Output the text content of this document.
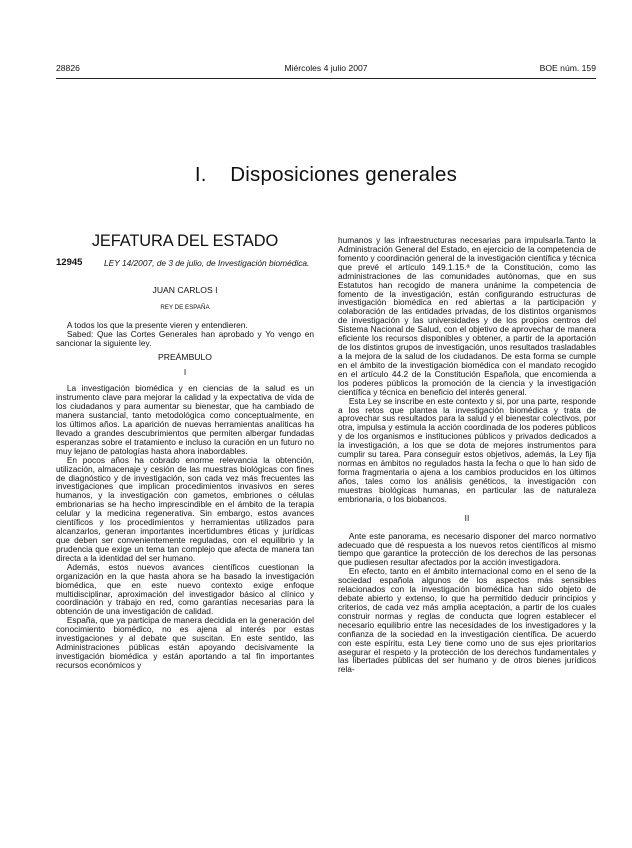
28826	Miércoles 4 julio 2007	BOE núm. 159
I.    Disposiciones generales
JEFATURA DEL ESTADO
12945	LEY 14/2007, de 3 de julio, de Investigación biomédica.
JUAN CARLOS I
REY DE ESPAÑA

A todos los que la presente vieren y entendieren.

Sabed: Que las Cortes Generales han aprobado y Yo vengo en sancionar la siguiente ley.

PREÁMBULO
I

La investigación biomédica y en ciencias de la salud es un instrumento clave para mejorar la calidad y la expectativa de vida de los ciudadanos y para aumentar su bienestar, que ha cambiado de manera sustancial, tanto metodológica como conceptualmente, en los últimos años. La aparición de nuevas herramientas analíticas ha llevado a grandes descubrimientos que permiten albergar fundadas esperanzas sobre el tratamiento e incluso la curación en un futuro no muy lejano de patologías hasta ahora inabordables.

En pocos años ha cobrado enorme relevancia la obtención, utilización, almacenaje y cesión de las muestras biológicas con fines de diagnóstico y de investigación, son cada vez más frecuentes las investigaciones que implican procedimientos invasivos en seres humanos, y la investigación con gametos, embriones o células embrionarias se ha hecho imprescindible en el ámbito de la terapia celular y la medicina regenerativa. Sin embargo, estos avances científicos y los procedimientos y herramientas utilizados para alcanzarlos, generan importantes incertidumbres éticas y jurídicas que deben ser convenientemente reguladas, con el equilibrio y la prudencia que exige un tema tan complejo que afecta de manera tan directa a la identidad del ser humano.

Además, estos nuevos avances científicos cuestionan la organización en la que hasta ahora se ha basado la investigación biomédica, que en este nuevo contexto exige enfoque multidisciplinar, aproximación del investigador básico al clínico y coordinación y trabajo en red, como garantías necesarias para la obtención de una investigación de calidad.

España, que ya participa de manera decidida en la generación del conocimiento biomédico, no es ajena al interés por estas investigaciones y al debate que suscitan. En este sentido, las Administraciones públicas están apoyando decisivamente la investigación biomédica y están aportando a tal fin importantes recursos económicos y

humanos y las infraestructuras necesarias para impulsarla.Tanto la Administración General del Estado, en ejercicio de la competencia de fomento y coordinación general de la investigación científica y técnica que prevé el artículo 149.1.15.ª de la Constitución, como las administraciones de las comunidades autónomas, que en sus Estatutos han recogido de manera unánime la competencia de fomento de la investigación, están configurando estructuras de investigación biomédica en red abiertas a la participación y colaboración de las entidades privadas, de los distintos organismos de investigación y las universidades y de los propios centros del Sistema Nacional de Salud, con el objetivo de aprovechar de manera eficiente los recursos disponibles y obtener, a partir de la aportación de los distintos grupos de investigación, unos resultados trasladables a la mejora de la salud de los ciudadanos. De esta forma se cumple en el ámbito de la investigación biomédica con el mandato recogido en el artículo 44.2 de la Constitución Española, que encomienda a los poderes públicos la promoción de la ciencia y la investigación científica y técnica en beneficio del interés general.

Esta Ley se inscribe en este contexto y si, por una parte, responde a los retos que plantea la investigación biomédica y trata de aprovechar sus resultados para la salud y el bienestar colectivos, por otra, impulsa y estimula la acción coordinada de los poderes públicos y de los organismos e instituciones públicos y privados dedicados a la investigación, a los que se dota de mejores instrumentos para cumplir su tarea. Para conseguir estos objetivos, además, la Ley fija normas en ámbitos no regulados hasta la fecha o que lo han sido de forma fragmentaria o ajena a los cambios producidos en los últimos años, tales como los análisis genéticos, la investigación con muestras biológicas humanas, en particular las de naturaleza embrionaria, o los biobancos.

II

Ante este panorama, es necesario disponer del marco normativo adecuado que dé respuesta a los nuevos retos científicos al mismo tiempo que garantice la protección de los derechos de las personas que pudiesen resultar afectados por la acción investigadora.

En efecto, tanto en el ámbito internacional como en el seno de la sociedad española algunos de los aspectos más sensibles relacionados con la investigación biomédica han sido objeto de debate abierto y extenso, lo que ha permitido deducir principios y criterios, de cada vez más amplia aceptación, a partir de los cuales construir normas y reglas de conducta que logren establecer el necesario equilibrio entre las necesidades de los investigadores y la confianza de la sociedad en la investigación científica. De acuerdo con este espíritu, esta Ley tiene como uno de sus ejes prioritarios asegurar el respeto y la protección de los derechos fundamentales y las libertades públicas del ser humano y de otros bienes jurídicos rela-
